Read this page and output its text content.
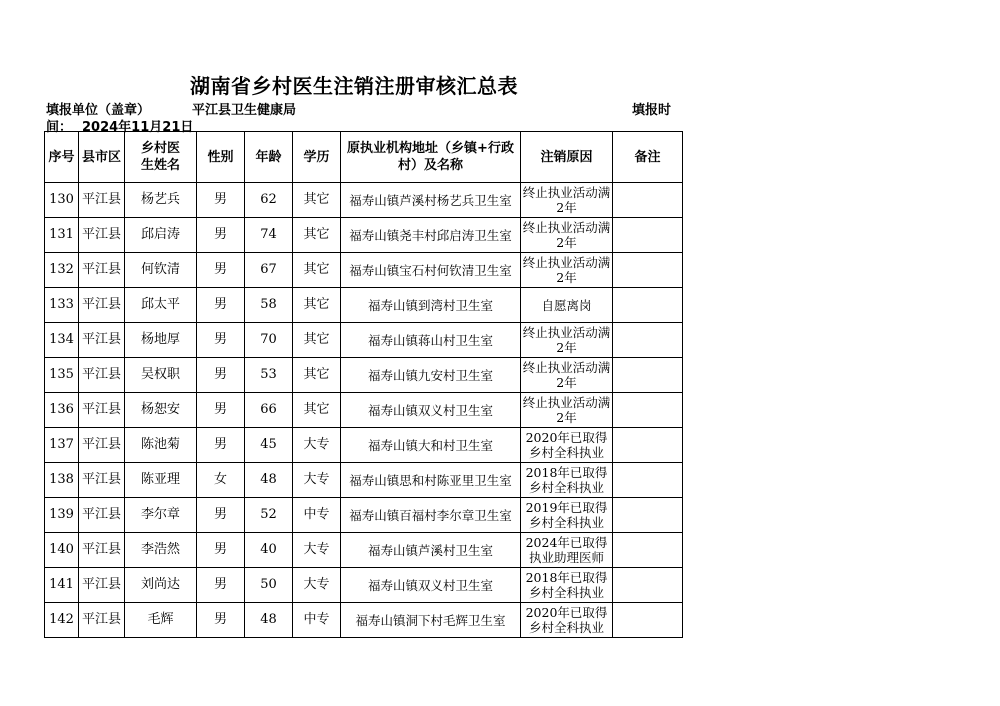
湖南省乡村医生注销注册审核汇总表
填报单位（盖章）	平江县卫生健康局	填报时
间： 2024年11月21日
序号	县市区	乡村医生姓名	性别	年龄	学历	原执业机构地址（乡镇+行政村）及名称	注销原因	备注
130	平江县	杨艺兵	男	62	其它	福寿山镇芦溪村杨艺兵卫生室	终止执业活动满2年	
131	平江县	邱启涛	男	74	其它	福寿山镇尧丰村邱启涛卫生室	终止执业活动满2年	
132	平江县	何钦清	男	67	其它	福寿山镇宝石村何钦清卫生室	终止执业活动满2年	
133	平江县	邱太平	男	58	其它	福寿山镇到湾村卫生室	自愿离岗	
134	平江县	杨地厚	男	70	其它	福寿山镇蒋山村卫生室	终止执业活动满2年	
135	平江县	吴权职	男	53	其它	福寿山镇九安村卫生室	终止执业活动满2年	
136	平江县	杨恕安	男	66	其它	福寿山镇双义村卫生室	终止执业活动满2年	
137	平江县	陈池菊	男	45	大专	福寿山镇大和村卫生室	2020年已取得乡村全科执业	
138	平江县	陈亚理	女	48	大专	福寿山镇思和村陈亚里卫生室	2018年已取得乡村全科执业	
139	平江县	李尔章	男	52	中专	福寿山镇百福村李尔章卫生室	2019年已取得乡村全科执业	
140	平江县	李浩然	男	40	大专	福寿山镇芦溪村卫生室	2024年已取得执业助理医师	
141	平江县	刘尚达	男	50	大专	福寿山镇双义村卫生室	2018年已取得乡村全科执业	
142	平江县	毛辉	男	48	中专	福寿山镇洞下村毛辉卫生室	2020年已取得乡村全科执业	
